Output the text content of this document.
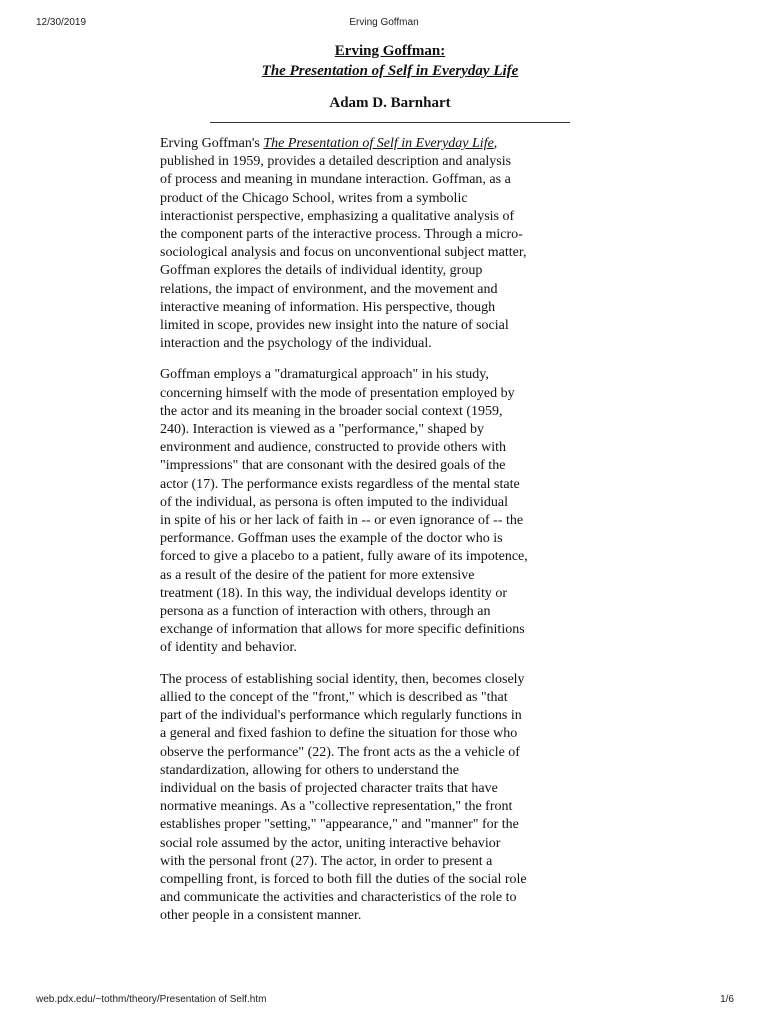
12/30/2019	Erving Goffman
Erving Goffman:
The Presentation of Self in Everyday Life
Adam D. Barnhart

Erving Goffman's The Presentation of Self in Everyday Life,
published in 1959, provides a detailed description and analysis
of process and meaning in mundane interaction. Goffman, as a
product of the Chicago School, writes from a symbolic
interactionist perspective, emphasizing a qualitative analysis of
the component parts of the interactive process. Through a micro-
sociological analysis and focus on unconventional subject matter,
Goffman explores the details of individual identity, group
relations, the impact of environment, and the movement and
interactive meaning of information. His perspective, though
limited in scope, provides new insight into the nature of social
interaction and the psychology of the individual.

Goffman employs a "dramaturgical approach" in his study,
concerning himself with the mode of presentation employed by
the actor and its meaning in the broader social context (1959,
240). Interaction is viewed as a "performance," shaped by
environment and audience, constructed to provide others with
"impressions" that are consonant with the desired goals of the
actor (17). The performance exists regardless of the mental state
of the individual, as persona is often imputed to the individual
in spite of his or her lack of faith in -- or even ignorance of -- the
performance. Goffman uses the example of the doctor who is
forced to give a placebo to a patient, fully aware of its impotence,
as a result of the desire of the patient for more extensive
treatment (18). In this way, the individual develops identity or
persona as a function of interaction with others, through an
exchange of information that allows for more specific definitions
of identity and behavior.

The process of establishing social identity, then, becomes closely
allied to the concept of the "front," which is described as "that
part of the individual's performance which regularly functions in
a general and fixed fashion to define the situation for those who
observe the performance" (22). The front acts as the a vehicle of
standardization, allowing for others to understand the
individual on the basis of projected character traits that have
normative meanings. As a "collective representation," the front
establishes proper "setting," "appearance," and "manner" for the
social role assumed by the actor, uniting interactive behavior
with the personal front (27). The actor, in order to present a
compelling front, is forced to both fill the duties of the social role
and communicate the activities and characteristics of the role to
other people in a consistent manner.

web.pdx.edu/~tothm/theory/Presentation of Self.htm	1/6
